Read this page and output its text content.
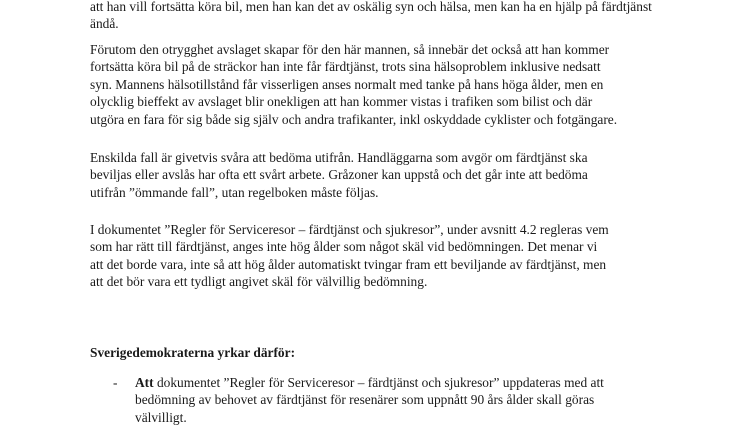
att han vill fortsätta köra bil, men han kan det av oskälig syn och hälsa, men kan ha en hjälp på färdtjänst
ändå.

Förutom den otrygghet avslaget skapar för den här mannen, så innebär det också att han kommer
fortsätta köra bil på de sträckor han inte får färdtjänst, trots sina hälsoproblem inklusive nedsatt
syn. Mannens hälsotillstånd får visserligen anses normalt med tanke på hans höga ålder, men en
olycklig bieffekt av avslaget blir onekligen att han kommer vistas i trafiken som bilist och där
utgöra en fara för sig både sig själv och andra trafikanter, inkl oskyddade cyklister och fotgängare.

Enskilda fall är givetvis svåra att bedöma utifrån. Handläggarna som avgör om färdtjänst ska
beviljas eller avslås har ofta ett svårt arbete. Gråzoner kan uppstå och det går inte att bedöma
utifrån ”ömmande fall”, utan regelboken måste följas.

I dokumentet ”Regler för Serviceresor – färdtjänst och sjukresor”, under avsnitt 4.2 regleras vem
som har rätt till färdtjänst, anges inte hög ålder som något skäl vid bedömningen. Det menar vi
att det borde vara, inte så att hög ålder automatiskt tvingar fram ett beviljande av färdtjänst, men
att det bör vara ett tydligt angivet skäl för välvillig bedömning.

Sverigedemokraterna yrkar därför:

- Att dokumentet ”Regler för Serviceresor – färdtjänst och sjukresor” uppdateras med att
bedömning av behovet av färdtjänst för resenärer som uppnått 90 års ålder skall göras
välvilligt.
